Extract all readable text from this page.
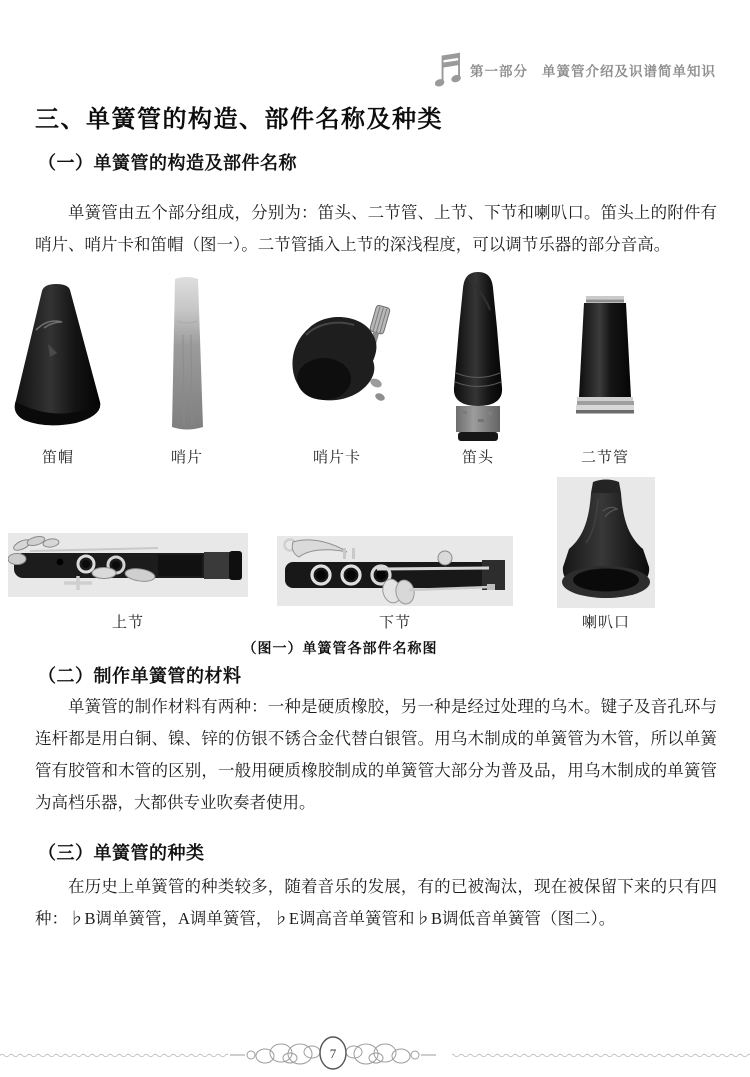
第一部分 单簧管介绍及识谱简单知识
三、单簧管的构造、部件名称及种类
（一）单簧管的构造及部件名称

单簧管由五个部分组成，分别为：笛头、二节管、上节、下节和喇叭口。笛头上的附件有哨片、哨片卡和笛帽（图一）。二节管插入上节的深浅程度，可以调节乐器的部分音高。

笛帽	哨片	哨片卡	笛头	二节管
上节	下节	喇叭口
（图一）单簧管各部件名称图
（二）制作单簧管的材料

单簧管的制作材料有两种：一种是硬质橡胶，另一种是经过处理的乌木。键子及音孔环与连杆都是用白铜、镍、锌的仿银不锈合金代替白银管。用乌木制成的单簧管为木管，所以单簧管有胶管和木管的区别，一般用硬质橡胶制成的单簧管大部分为普及品，用乌木制成的单簧管为高档乐器，大都供专业吹奏者使用。

（三）单簧管的种类

在历史上单簧管的种类较多，随着音乐的发展，有的已被淘汰，现在被保留下来的只有四种：♭B调单簧管，A调单簧管，♭E调高音单簧管和♭B调低音单簧管（图二）。

7
